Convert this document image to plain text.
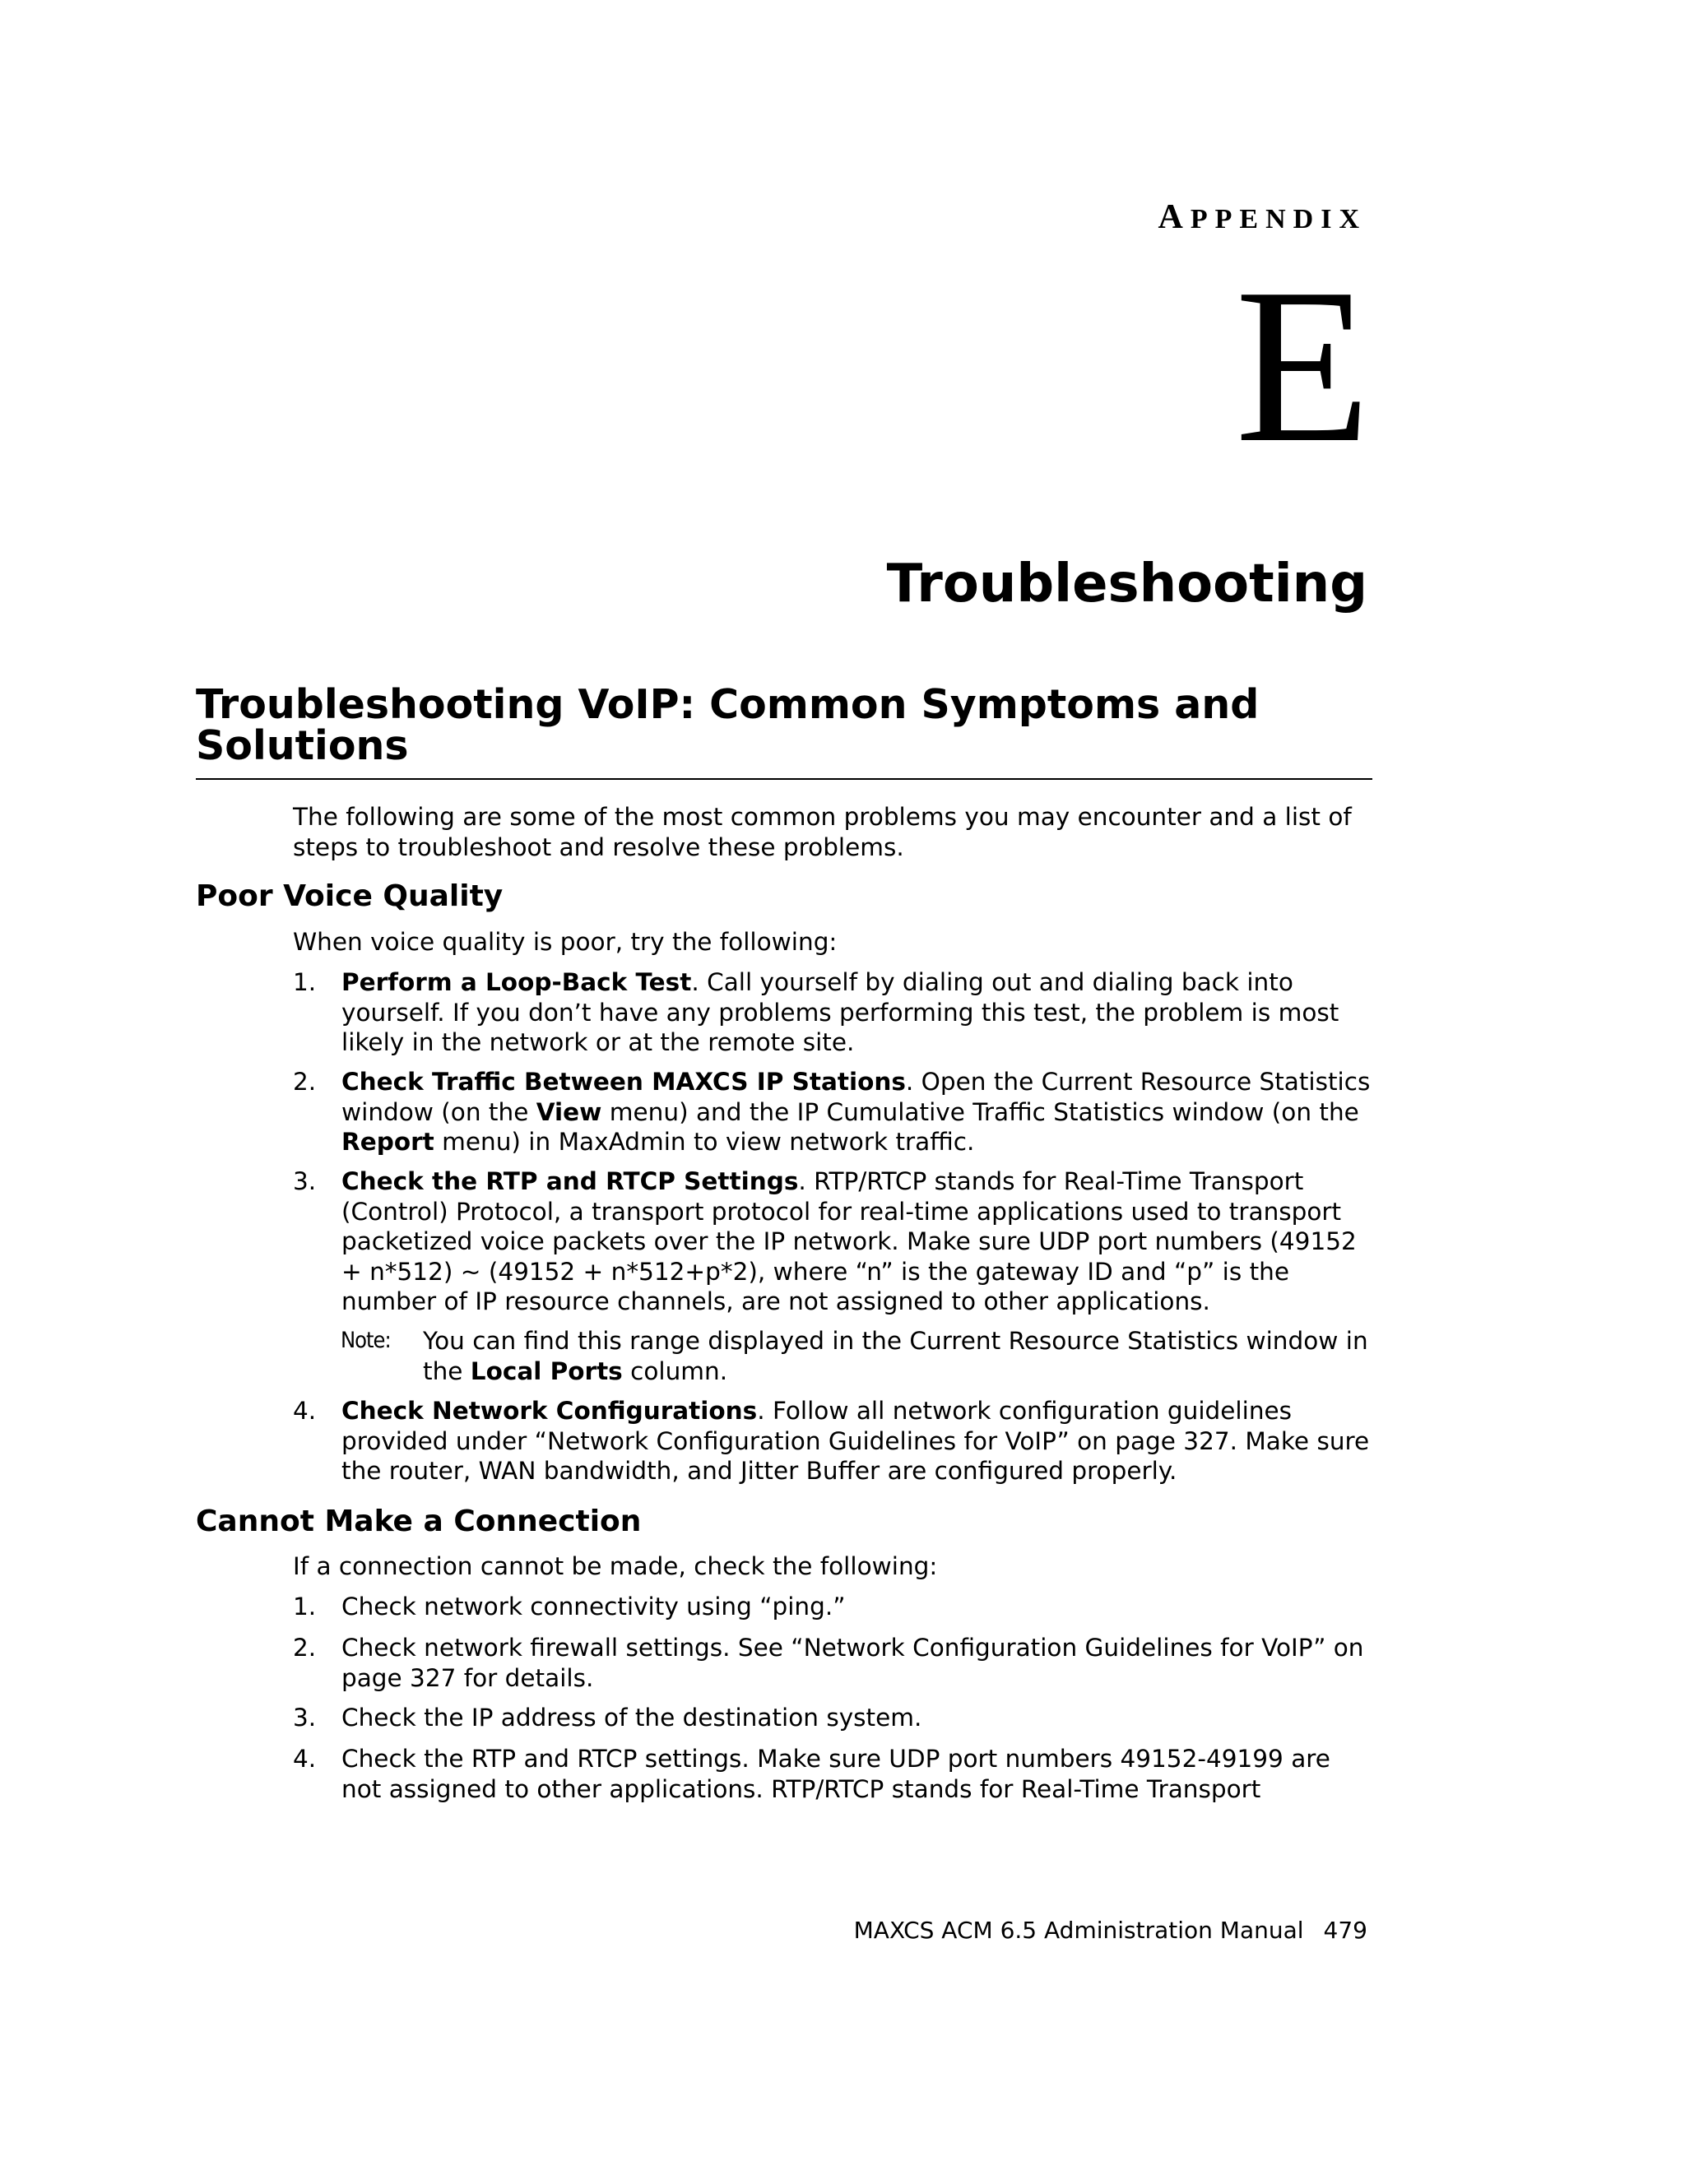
APPENDIX
E
Troubleshooting
Troubleshooting VoIP: Common Symptoms and Solutions

The following are some of the most common problems you may encounter and a list of steps to troubleshoot and resolve these problems.

Poor Voice Quality

When voice quality is poor, try the following:

1. Perform a Loop-Back Test. Call yourself by dialing out and dialing back into yourself. If you don’t have any problems performing this test, the problem is most likely in the network or at the remote site.
2. Check Traffic Between MAXCS IP Stations. Open the Current Resource Statistics window (on the View menu) and the IP Cumulative Traffic Statistics window (on the Report menu) in MaxAdmin to view network traffic.
3. Check the RTP and RTCP Settings. RTP/RTCP stands for Real-Time Transport (Control) Protocol, a transport protocol for real-time applications used to transport packetized voice packets over the IP network. Make sure UDP port numbers (49152 + n*512) ~ (49152 + n*512+p*2), where “n” is the gateway ID and “p” is the number of IP resource channels, are not assigned to other applications.
Note: You can find this range displayed in the Current Resource Statistics window in the Local Ports column.
4. Check Network Configurations. Follow all network configuration guidelines provided under “Network Configuration Guidelines for VoIP” on page 327. Make sure the router, WAN bandwidth, and Jitter Buffer are configured properly.
Cannot Make a Connection

If a connection cannot be made, check the following:

1. Check network connectivity using “ping.”
2. Check network firewall settings. See “Network Configuration Guidelines for VoIP” on page 327 for details.
3. Check the IP address of the destination system.
4. Check the RTP and RTCP settings. Make sure UDP port numbers 49152-49199 are not assigned to other applications. RTP/RTCP stands for Real-Time Transport
MAXCS ACM 6.5 Administration Manual 479
